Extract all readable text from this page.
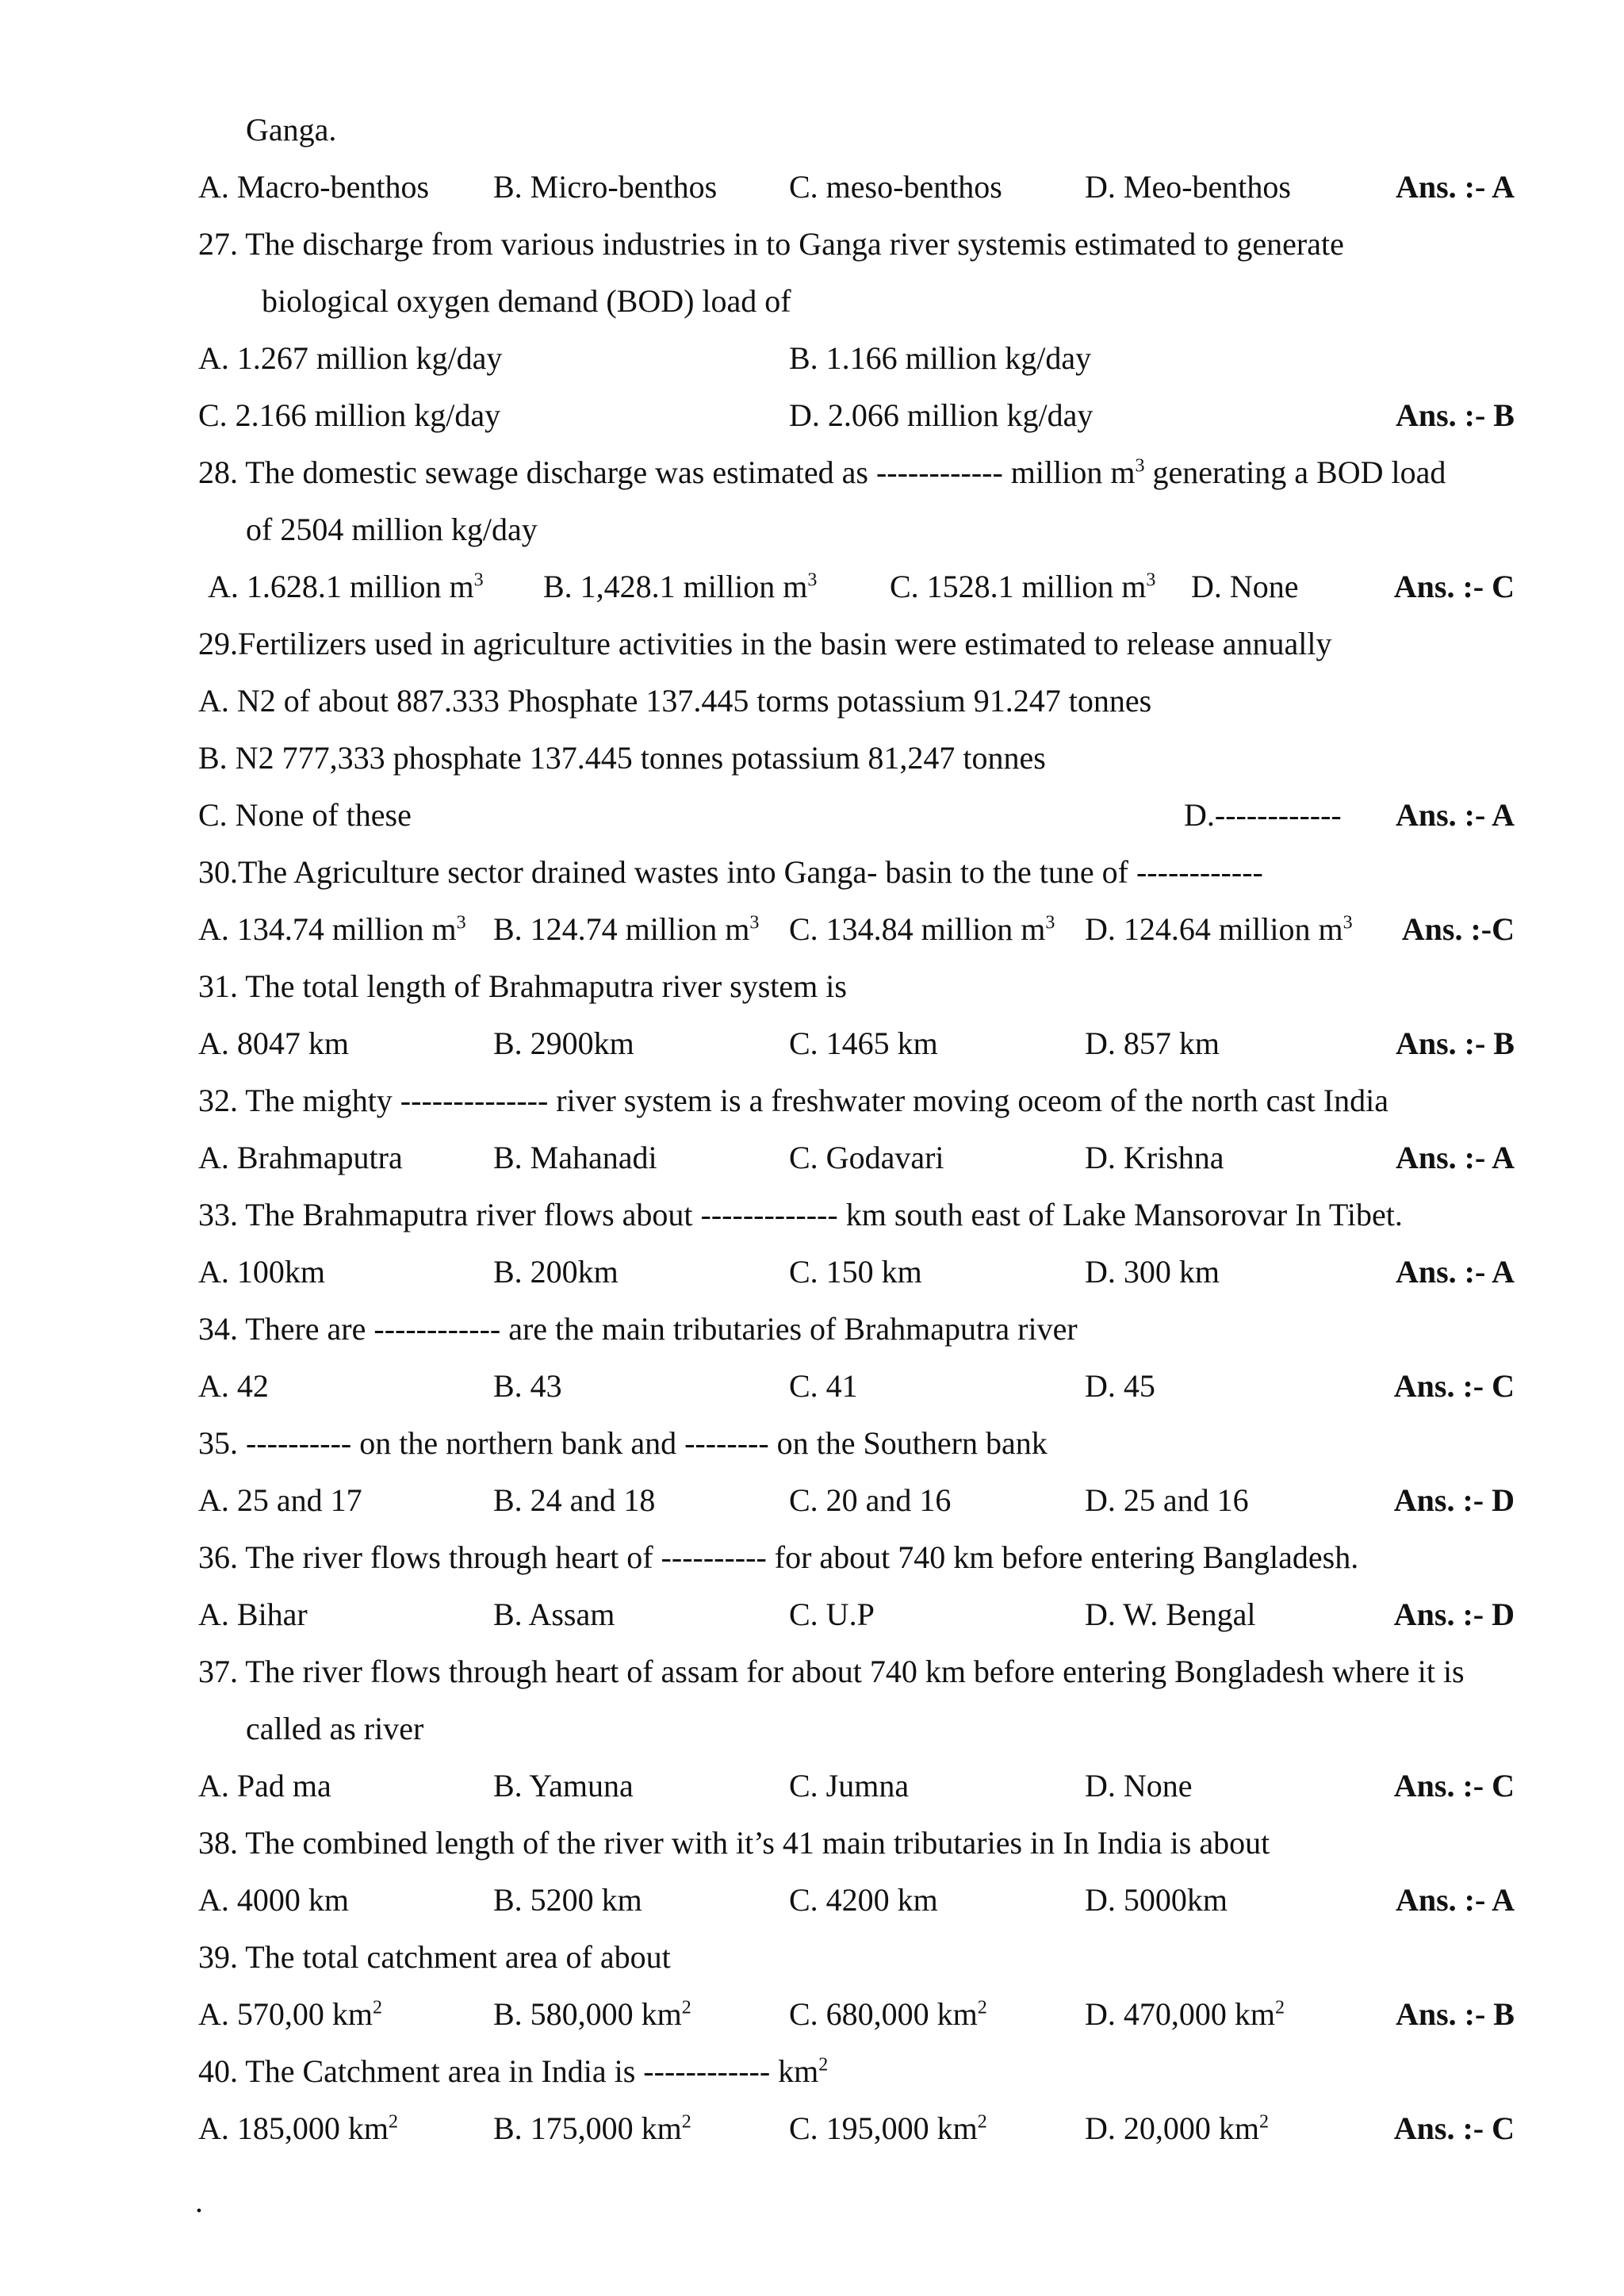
Ganga.
A. Macro-benthos B. Micro-benthos C. meso-benthos	D. Meo-benthos	Ans. :- A
27. The discharge from various industries in to Ganga river systemis estimated to generate
biological oxygen demand (BOD) load of
A. 1.267 million kg/day	B. 1.166 million kg/day
C. 2.166 million kg/day	D. 2.066 million kg/day	Ans. :- B
28. The domestic sewage discharge was estimated as ------------ million $m^3$ generating a BOD load
of 2504 million kg/day
A. 1.628.1 million $m^3$ B. 1,428.1 million $m^3$ C. 1528.1 million $m^3$ D. None	Ans. :- C
29.Fertilizers used in agriculture activities in the basin were estimated to release annually
A. N2 of about 887.333 Phosphate 137.445 torms potassium 91.247 tonnes
B. N2 777,333 phosphate 137.445 tonnes potassium 81,247 tonnes
C. None of these	D.------------ Ans. :- A
30.The Agriculture sector drained wastes into Ganga- basin to the tune of ------------
A. 134.74 million $m^3$ B. 124.74 million $m^3$ C. 134.84 million $m^3$ D. 124.64 million $m^3$ Ans. :-C
31. The total length of Brahmaputra river system is
A. 8047 km	B. 2900km	C. 1465 km	D. 857 km	Ans. :- B
32. The mighty -------------- river system is a freshwater moving oceom of the north cast India
A. Brahmaputra	B. Mahanadi	C. Godavari	D. Krishna	Ans. :- A
33. The Brahmaputra river flows about ------------- km south east of Lake Mansorovar In Tibet.
A. 100km	B. 200km	C. 150 km	D. 300 km	Ans. :- A
34. There are ------------ are the main tributaries of Brahmaputra river
A. 42	B. 43	C. 41	D. 45	Ans. :- C
35. ---------- on the northern bank and -------- on the Southern bank
A. 25 and 17	B. 24 and 18	C. 20 and 16	D. 25 and 16	Ans. :- D
36. The river flows through heart of ---------- for about 740 km before entering Bangladesh.
A. Bihar	B. Assam	C. U.P	D. W. Bengal	Ans. :- D
37. The river flows through heart of assam for about 740 km before entering Bongladesh where it is
called as river
A. Pad ma	B. Yamuna	C. Jumna	D. None	Ans. :- C
38. The combined length of the river with it’s 41 main tributaries in In India is about
A. 4000 km	B. 5200 km	C. 4200 km	D. 5000km	Ans. :- A
39. The total catchment area of about
A. 570,00 $km^2$	B. 580,000 $km^2$	C. 680,000 $km^2$	D. 470,000 $km^2$	Ans. :- B
40. The Catchment area in India is ------------ $km^2$
A. 185,000 $km^2$	B. 175,000 $km^2$	C. 195,000 $km^2$	D. 20,000 $km^2$	Ans. :- C
.
